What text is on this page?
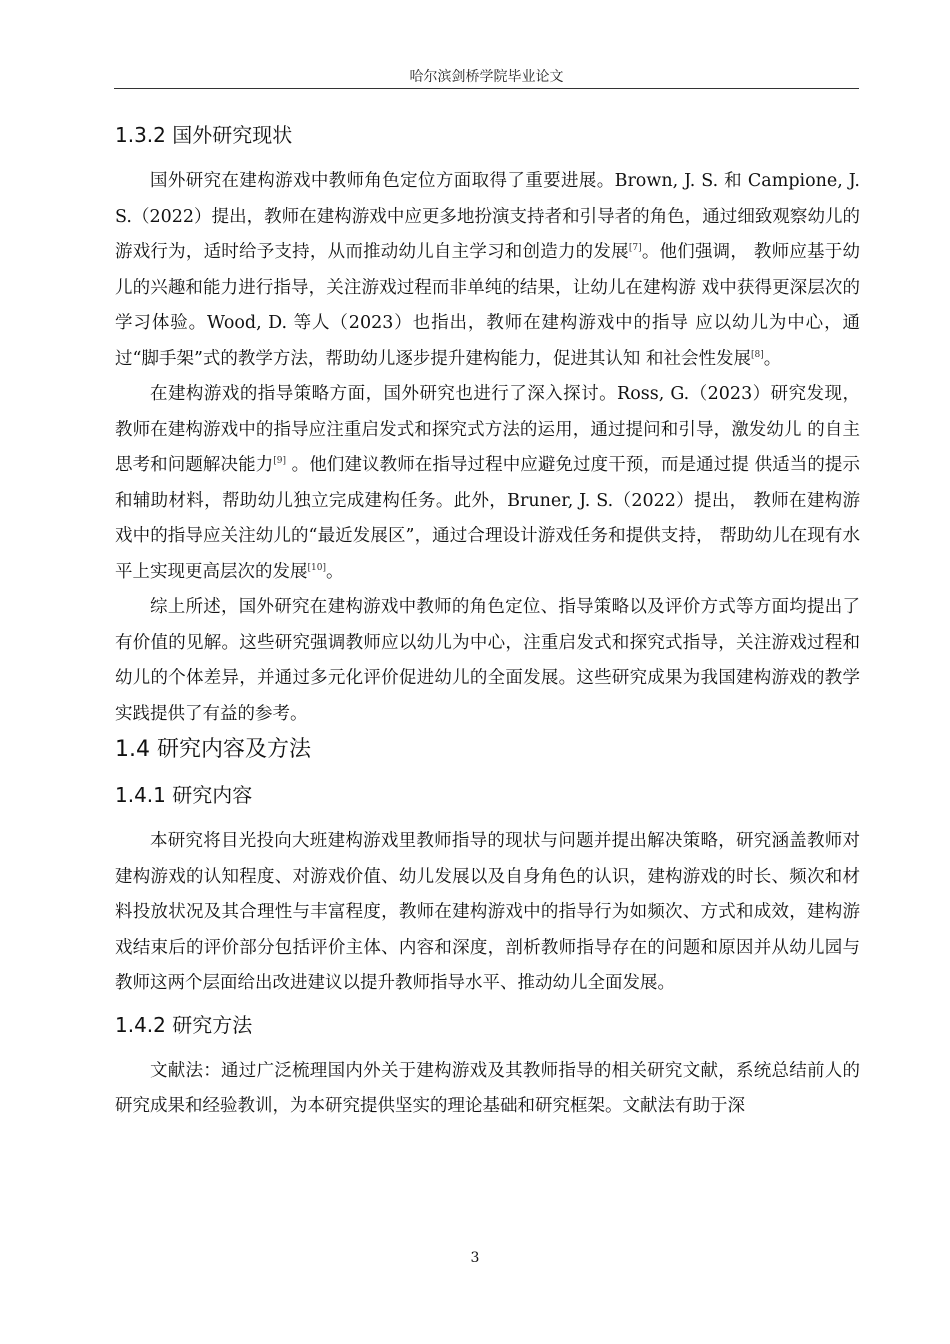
哈尔滨剑桥学院毕业论文
1.3.2 国外研究现状

国外研究在建构游戏中教师角色定位方面取得了重要进展。Brown, J. S. 和 Campione, J. S.（2022）提出，教师在建构游戏中应更多地扮演支持者和引导者的角色，通过细致观察幼儿的游戏行为，适时给予支持，从而推动幼儿自主学习和创造力的发展[7]。他们强调， 教师应基于幼儿的兴趣和能力进行指导，关注游戏过程而非单纯的结果，让幼儿在建构游 戏中获得更深层次的学习体验。Wood, D. 等人（2023）也指出，教师在建构游戏中的指导 应以幼儿为中心，通过“脚手架”式的教学方法，帮助幼儿逐步提升建构能力，促进其认知 和社会性发展[8]。

在建构游戏的指导策略方面，国外研究也进行了深入探讨。Ross, G.（2023）研究发现， 教师在建构游戏中的指导应注重启发式和探究式方法的运用，通过提问和引导，激发幼儿 的自主思考和问题解决能力[9] 。他们建议教师在指导过程中应避免过度干预，而是通过提 供适当的提示和辅助材料，帮助幼儿独立完成建构任务。此外，Bruner, J. S.（2022）提出， 教师在建构游戏中的指导应关注幼儿的“最近发展区”，通过合理设计游戏任务和提供支持， 帮助幼儿在现有水平上实现更高层次的发展[10]。

综上所述，国外研究在建构游戏中教师的角色定位、指导策略以及评价方式等方面均提出了有价值的见解。这些研究强调教师应以幼儿为中心，注重启发式和探究式指导，关注游戏过程和幼儿的个体差异，并通过多元化评价促进幼儿的全面发展。这些研究成果为我国建构游戏的教学实践提供了有益的参考。

1.4 研究内容及方法
1.4.1 研究内容

本研究将目光投向大班建构游戏里教师指导的现状与问题并提出解决策略，研究涵盖教师对建构游戏的认知程度、对游戏价值、幼儿发展以及自身角色的认识，建构游戏的时长、频次和材料投放状况及其合理性与丰富程度，教师在建构游戏中的指导行为如频次、方式和成效，建构游戏结束后的评价部分包括评价主体、内容和深度，剖析教师指导存在的问题和原因并从幼儿园与教师这两个层面给出改进建议以提升教师指导水平、推动幼儿全面发展。

1.4.2 研究方法

文献法：通过广泛梳理国内外关于建构游戏及其教师指导的相关研究文献，系统总结前人的研究成果和经验教训，为本研究提供坚实的理论基础和研究框架。文献法有助于深

3
